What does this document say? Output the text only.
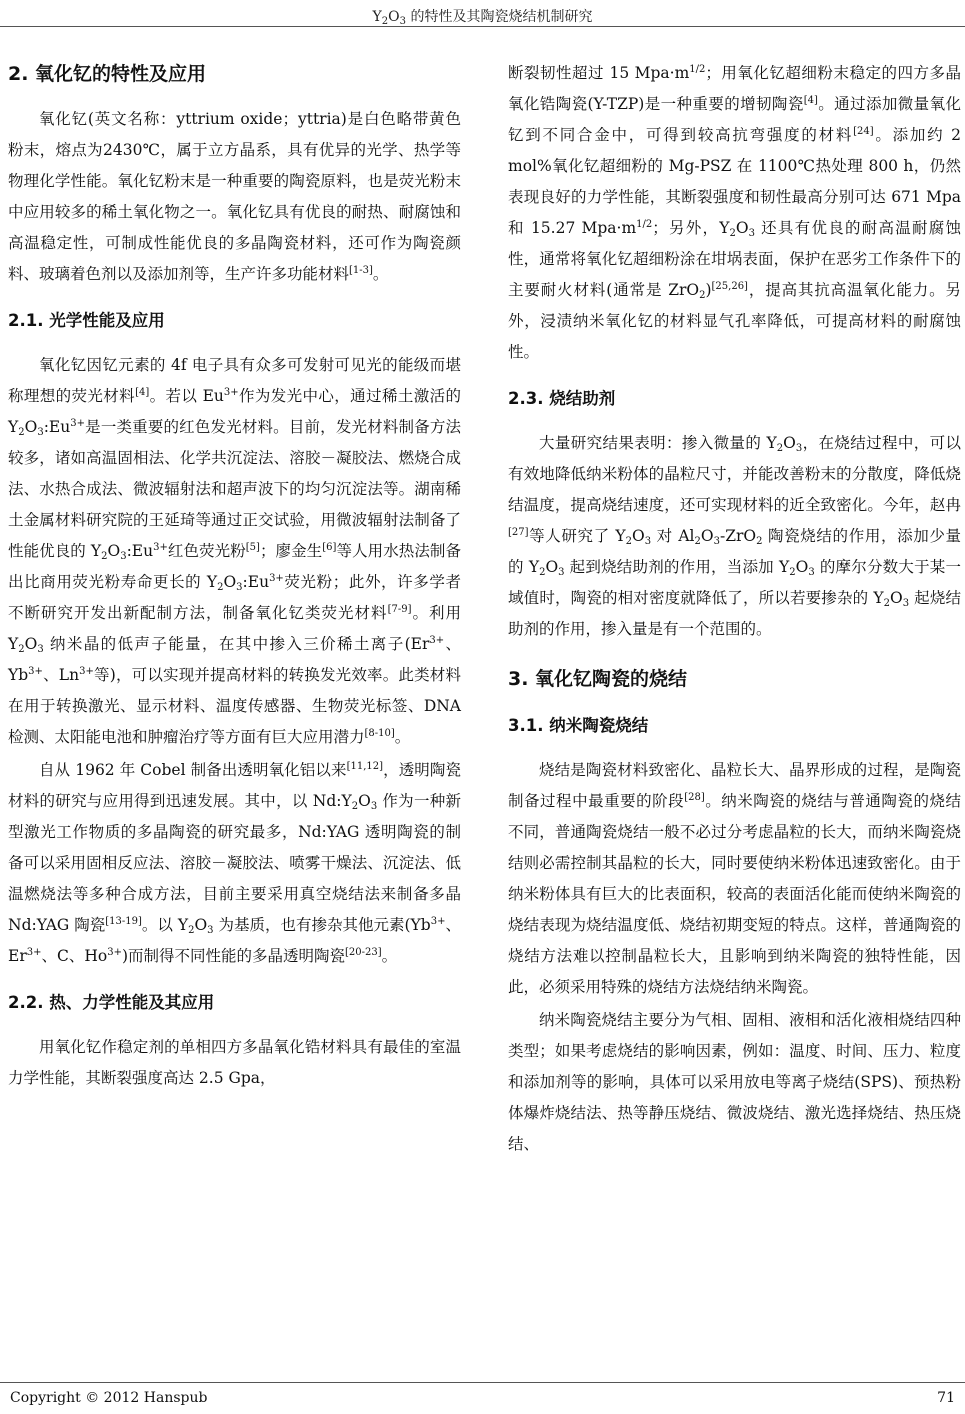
$Y_2O_3$ 的特性及其陶瓷烧结机制研究
2. 氧化钇的特性及应用

氧化钇(英文名称：yttrium oxide；yttria)是白色略带黄色粉末，熔点为2430℃，属于立方晶系，具有优异的光学、热学等物理化学性能。氧化钇粉末是一种重要的陶瓷原料，也是荧光粉末中应用较多的稀土氧化物之一。氧化钇具有优良的耐热、耐腐蚀和高温稳定性，可制成性能优良的多晶陶瓷材料，还可作为陶瓷颜料、玻璃着色剂以及添加剂等，生产许多功能材料[1-3]。

2.1. 光学性能及应用

氧化钇因钇元素的 4f 电子具有众多可发射可见光的能级而堪称理想的荧光材料[4]。若以 $Eu^{3+}$作为发光中心，通过稀土激活的 $Y_2O_3:Eu^{3+}$是一类重要的红色发光材料。目前，发光材料制备方法较多，诸如高温固相法、化学共沉淀法、溶胶－凝胶法、燃烧合成法、水热合成法、微波辐射法和超声波下的均匀沉淀法等。湖南稀土金属材料研究院的王延琦等通过正交试验，用微波辐射法制备了性能优良的 $Y_2O_3:Eu^{3+}$红色荧光粉[5]；廖金生[6]等人用水热法制备出比商用荧光粉寿命更长的 $Y_2O_3:Eu^{3+}$荧光粉；此外，许多学者不断研究开发出新配制方法，制备氧化钇类荧光材料[7-9]。利用 $Y_2O_3$ 纳米晶的低声子能量，在其中掺入三价稀土离子($Er^{3+}$、$Yb^{3+}$、$Ln^{3+}$等)，可以实现并提高材料的转换发光效率。此类材料在用于转换激光、显示材料、温度传感器、生物荧光标签、DNA 检测、太阳能电池和肿瘤治疗等方面有巨大应用潜力[8-10]。

自从 1962 年 Cobel 制备出透明氧化铝以来[11,12]，透明陶瓷材料的研究与应用得到迅速发展。其中，以 $Nd:Y_2O_3$ 作为一种新型激光工作物质的多晶陶瓷的研究最多，Nd:YAG 透明陶瓷的制备可以采用固相反应法、溶胶－凝胶法、喷雾干燥法、沉淀法、低温燃烧法等多种合成方法，目前主要采用真空烧结法来制备多晶 Nd:YAG 陶瓷[13-19]。以 $Y_2O_3$ 为基质，也有掺杂其他元素($Yb^{3+}$、$Er^{3+}$、C、$Ho^{3+}$)而制得不同性能的多晶透明陶瓷[20-23]。

2.2. 热、力学性能及其应用

用氧化钇作稳定剂的单相四方多晶氧化锆材料具有最佳的室温力学性能，其断裂强度高达 2.5 Gpa，

断裂韧性超过 15 $Mpa\cdot m^{1/2}$；用氧化钇超细粉末稳定的四方多晶氧化锆陶瓷(Y-TZP)是一种重要的增韧陶瓷[4]。通过添加微量氧化钇到不同合金中，可得到较高抗弯强度的材料[24]。添加约 2 mol%氧化钇超细粉的 Mg-PSZ 在 1100℃热处理 800 h，仍然表现良好的力学性能，其断裂强度和韧性最高分别可达 671 Mpa 和 15.27 $Mpa\cdot m^{1/2}$；另外，$Y_2O_3$ 还具有优良的耐高温耐腐蚀性，通常将氧化钇超细粉涂在坩埚表面，保护在恶劣工作条件下的主要耐火材料(通常是 ZrO$_2$)[25,26]，提高其抗高温氧化能力。另外，浸渍纳米氧化钇的材料显气孔率降低，可提高材料的耐腐蚀性。

2.3. 烧结助剂

大量研究结果表明：掺入微量的 $Y_2O_3$，在烧结过程中，可以有效地降低纳米粉体的晶粒尺寸，并能改善粉末的分散度，降低烧结温度，提高烧结速度，还可实现材料的近全致密化。今年，赵冉[27]等人研究了 $Y_2O_3$ 对 $Al_2O_3-ZrO_2$ 陶瓷烧结的作用，添加少量的 $Y_2O_3$ 起到烧结助剂的作用，当添加 $Y_2O_3$ 的摩尔分数大于某一域值时，陶瓷的相对密度就降低了，所以若要掺杂的 $Y_2O_3$ 起烧结助剂的作用，掺入量是有一个范围的。

3. 氧化钇陶瓷的烧结
3.1. 纳米陶瓷烧结

烧结是陶瓷材料致密化、晶粒长大、晶界形成的过程，是陶瓷制备过程中最重要的阶段[28]。纳米陶瓷的烧结与普通陶瓷的烧结不同，普通陶瓷烧结一般不必过分考虑晶粒的长大，而纳米陶瓷烧结则必需控制其晶粒的长大，同时要使纳米粉体迅速致密化。由于纳米粉体具有巨大的比表面积，较高的表面活化能而使纳米陶瓷的烧结表现为烧结温度低、烧结初期变短的特点。这样，普通陶瓷的烧结方法难以控制晶粒长大，且影响到纳米陶瓷的独特性能，因此，必须采用特殊的烧结方法烧结纳米陶瓷。

纳米陶瓷烧结主要分为气相、固相、液相和活化液相烧结四种类型；如果考虑烧结的影响因素，例如：温度、时间、压力、粒度和添加剂等的影响，具体可以采用放电等离子烧结(SPS)、预热粉体爆炸烧结法、热等静压烧结、微波烧结、激光选择烧结、热压烧结、

Copyright © 2012 Hanspub	71
